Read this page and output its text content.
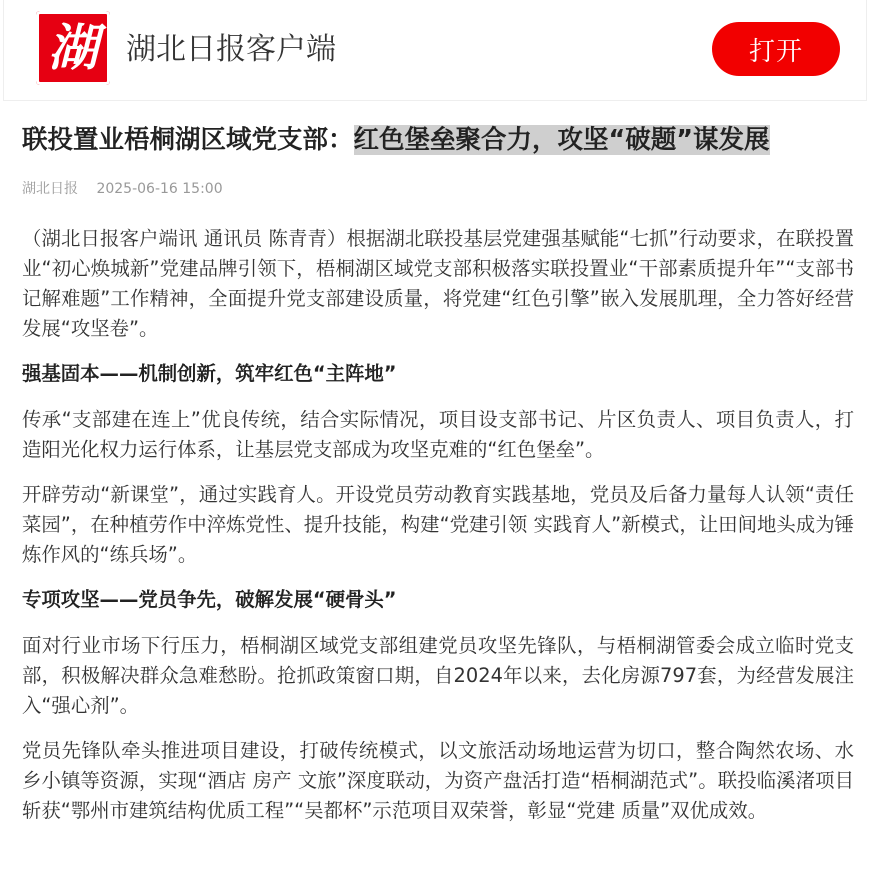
湖 湖北日报客户端	打开
联投置业梧桐湖区域党支部：红色堡垒聚合力，攻坚“破题”谋发展
湖北日报 2025-06-16 15:00

（湖北日报客户端讯 通讯员 陈青青）根据湖北联投基层党建强基赋能“七抓”行动要求，在联投置业“初心焕城新”党建品牌引领下，梧桐湖区域党支部积极落实联投置业“干部素质提升年”“支部书记解难题”工作精神，全面提升党支部建设质量，将党建“红色引擎”嵌入发展肌理，全力答好经营发展“攻坚卷”。

强基固本——机制创新，筑牢红色“主阵地”

传承“支部建在连上”优良传统，结合实际情况，项目设支部书记、片区负责人、项目负责人，打造阳光化权力运行体系，让基层党支部成为攻坚克难的“红色堡垒”。

开辟劳动“新课堂”，通过实践育人。开设党员劳动教育实践基地，党员及后备力量每人认领“责任菜园”，在种植劳作中淬炼党性、提升技能，构建“党建引领 实践育人”新模式，让田间地头成为锤炼作风的“练兵场”。

专项攻坚——党员争先，破解发展“硬骨头”

面对行业市场下行压力，梧桐湖区域党支部组建党员攻坚先锋队，与梧桐湖管委会成立临时党支部，积极解决群众急难愁盼。抢抓政策窗口期，自2024年以来，去化房源797套，为经营发展注入“强心剂”。

党员先锋队牵头推进项目建设，打破传统模式，以文旅活动场地运营为切口，整合陶然农场、水乡小镇等资源，实现“酒店 房产 文旅”深度联动，为资产盘活打造“梧桐湖范式”。联投临溪渚项目斩获“鄂州市建筑结构优质工程”“吴都杯”示范项目双荣誉，彰显“党建 质量”双优成效。
